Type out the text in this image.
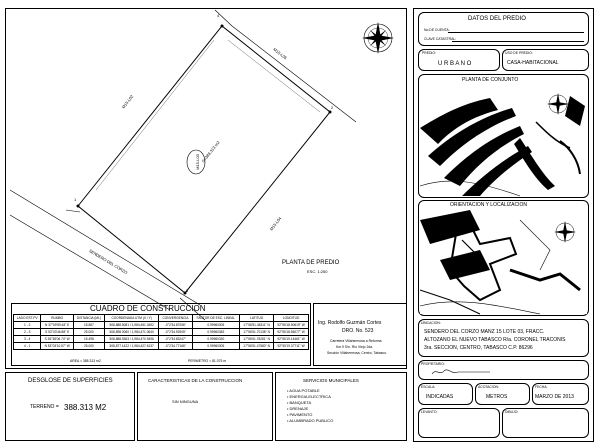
1
2
3
4
M15-L03 S=388.313 m2
M15-L02
M15-L04
M15-L05
SENDERO DEL CORZO	PLANTA DE PREDIO
ESC. 1:250
CUADRO DE CONSTRUCCION
LADO EST-PV	RUMBO	DISTANCIA (ML)	COORDENADA UTM (X / Y)	CONVERGENCIA	FACTOR DE ESC. LINEAL	LATITUD	LONGITUD
1 - 2	N 37°09'59.63" E	15.567	508,888.5081 / 1,984,451.3492	-0°2'34.87056"	0.99960305	17°56'51.45311" N	92°55'18.90619" W
2 - 3	S 53°03'46.88" E	25.000	508,898.0060 / 1,984,471.0640	-0°2'34.92505"	0.99960383	17°56'51.70138" N	92°55'18.56077" W
3 - 4	S 36°38'06.74" W	15.498	508,888.9363 / 1,984,470.9496	-0°2'34.83247"	0.99960330	17°56'51.78281" N	92°55'19.14461" W
4 - 1	N 53°03'10.57" W	25.000	508,877.1422 / 1,984,427.6137	-0°2'34.77166"	0.99960305	17°56'51.47580" N	92°55'19.37711" W
AREA = 388.313 m2	PERIMETRO = 81.075 m
Ing. Rodolfo Guzmán Cortes
DRO. No. 523
Carretera Villahermosa a Reforma
Km.9 S/n. Río Viejo 2da.
Sección Villahermosa, Centro, Tabasco.
DESGLOSE DE SUPERFICIES
TERRENO = 388.313 M2
CARACTERISTICAS DE LA CONSTRUCCION
SIN NINGUNA
SERVICIOS MUNICIPALES
• AGUA POTABLE
• ENERGIA ELECTRICA
• BANQUETA
• DRENAJE
• PAVIMENTO
• ALUMBRADO PUBLICO
DATOS DEL PREDIO
No.DE CUENTA:
CLAVE CATASTRAL:
PREDIO:
U R B A N O
USO DE PREDIO:
CASA-HABITACIONAL
PLANTA DE CONJUNTO
ORIENTACION Y LOCALIZACION
UBICACION:
SENDERO DEL CORZO MANZ 15 LOTE 03, FRACC.
ALTOZANO EL NUEVO TABASCO R/a. CORONEL TRACONIS
3ra. SECCION, CENTRO, TABASCO C.P. 86296
PROPIETARIO:
ESCALA:
INDICADAS
ACOTACION:
METROS
FECHA:
MARZO DE 2013
LEVANTO:	DIBUJO:
